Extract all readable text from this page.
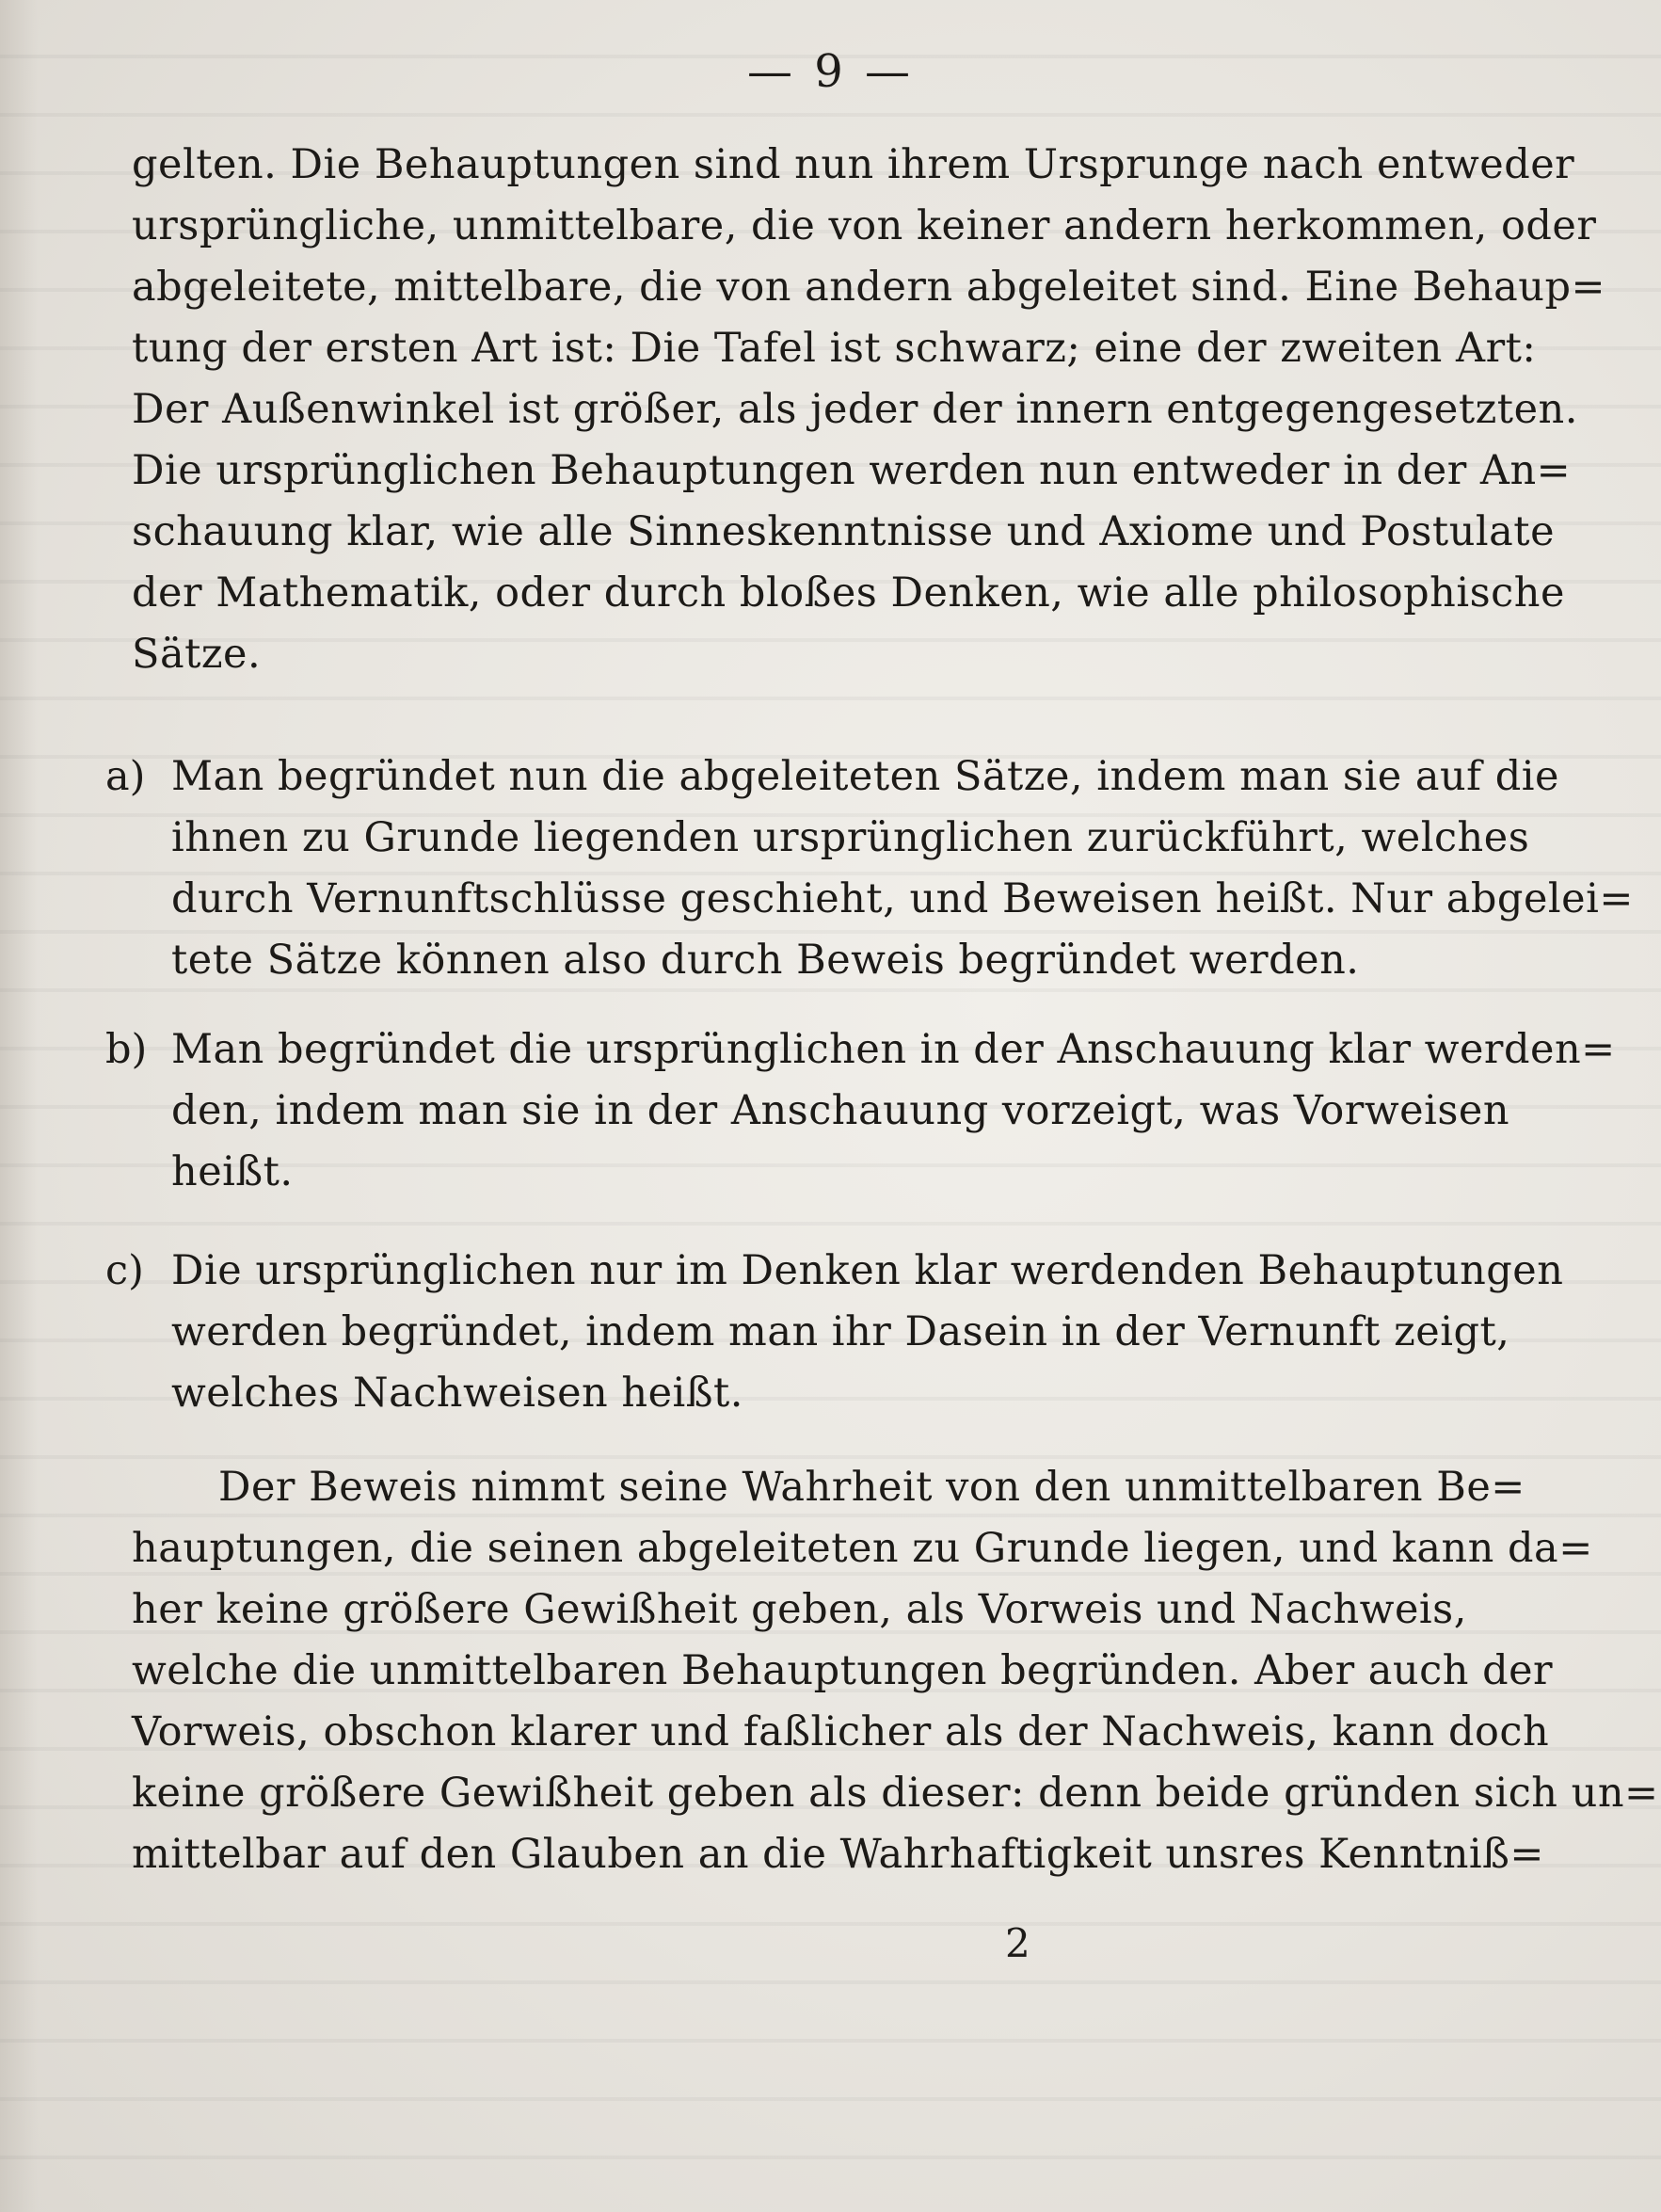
— 9 —
gelten. Die Behauptungen sind nun ihrem Ursprunge nach entweder
ursprüngliche, unmittelbare, die von keiner andern herkommen, oder
abgeleitete, mittelbare, die von andern abgeleitet sind. Eine Behaup=
tung der ersten Art ist: Die Tafel ist schwarz; eine der zweiten Art:
Der Außenwinkel ist größer, als jeder der innern entgegengesetzten.
Die ursprünglichen Behauptungen werden nun entweder in der An=
schauung klar, wie alle Sinneskenntnisse und Axiome und Postulate
der Mathematik, oder durch bloßes Denken, wie alle philosophische
Sätze.
a) Man begründet nun die abgeleiteten Sätze, indem man sie auf die
ihnen zu Grunde liegenden ursprünglichen zurückführt, welches
durch Vernunftschlüsse geschieht, und Beweisen heißt. Nur abgelei=
tete Sätze können also durch Beweis begründet werden.
b) Man begründet die ursprünglichen in der Anschauung klar werden=
den, indem man sie in der Anschauung vorzeigt, was Vorweisen
heißt.
c) Die ursprünglichen nur im Denken klar werdenden Behauptungen
werden begründet, indem man ihr Dasein in der Vernunft zeigt,
welches Nachweisen heißt.
Der Beweis nimmt seine Wahrheit von den unmittelbaren Be=
hauptungen, die seinen abgeleiteten zu Grunde liegen, und kann da=
her keine größere Gewißheit geben, als Vorweis und Nachweis,
welche die unmittelbaren Behauptungen begründen. Aber auch der
Vorweis, obschon klarer und faßlicher als der Nachweis, kann doch
keine größere Gewißheit geben als dieser: denn beide gründen sich un=
mittelbar auf den Glauben an die Wahrhaftigkeit unsres Kenntniß=
2
